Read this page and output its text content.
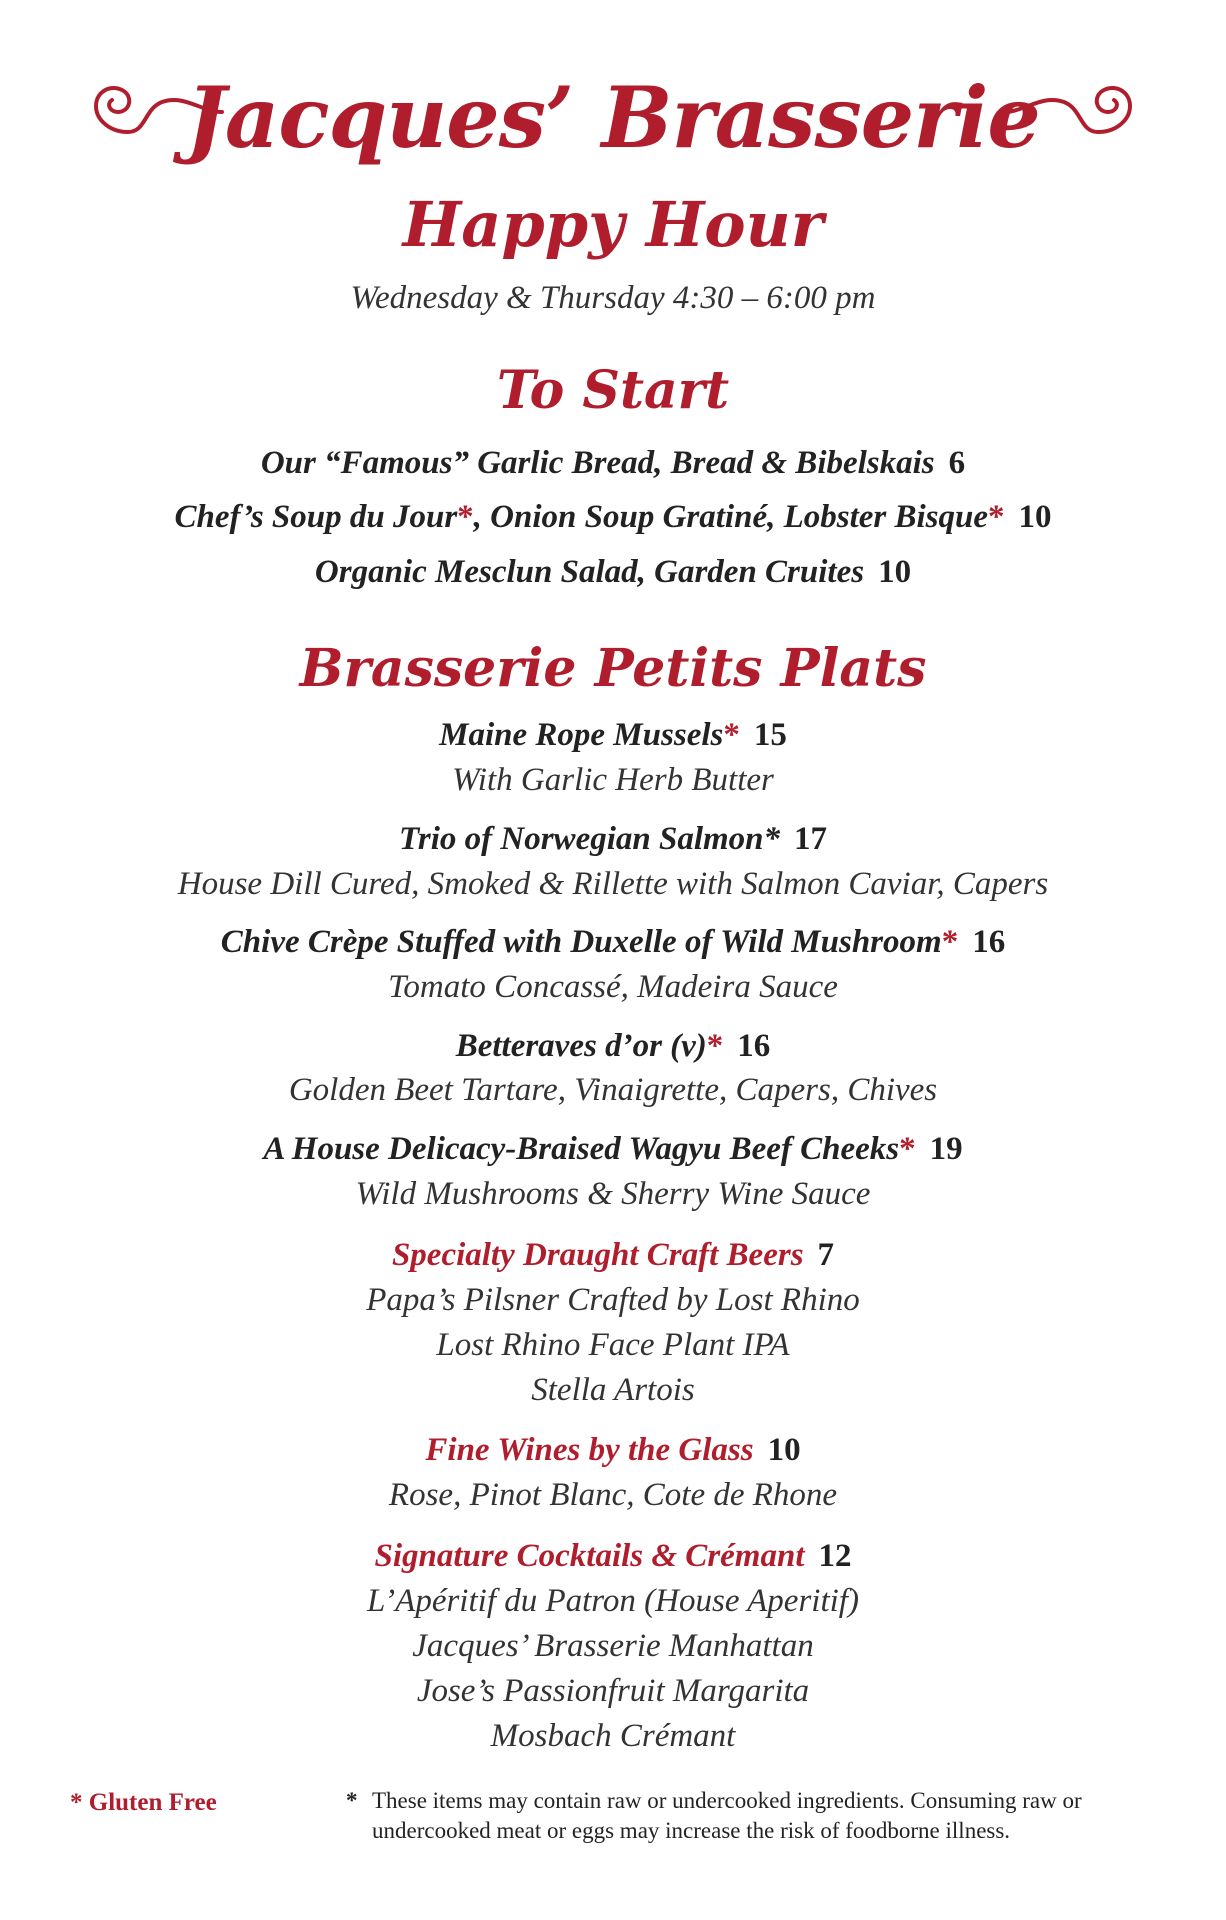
Jacques’ Brasserie
Happy Hour
Wednesday & Thursday 4:30 – 6:00 pm
To Start
Our “Famous” Garlic Bread, Bread & Bibelskais 6
Chef’s Soup du Jour*, Onion Soup Gratiné, Lobster Bisque* 10
Organic Mesclun Salad, Garden Cruites 10
Brasserie Petits Plats
Maine Rope Mussels* 15
With Garlic Herb Butter
Trio of Norwegian Salmon* 17
House Dill Cured, Smoked & Rillette with Salmon Caviar, Capers
Chive Crèpe Stuffed with Duxelle of Wild Mushroom* 16
Tomato Concassé, Madeira Sauce
Betteraves d’or (v)* 16
Golden Beet Tartare, Vinaigrette, Capers, Chives
A House Delicacy-Braised Wagyu Beef Cheeks* 19
Wild Mushrooms & Sherry Wine Sauce
Specialty Draught Craft Beers 7
Papa’s Pilsner Crafted by Lost Rhino
Lost Rhino Face Plant IPA
Stella Artois
Fine Wines by the Glass 10
Rose, Pinot Blanc, Cote de Rhone
Signature Cocktails & Crémant 12
L’Apéritif du Patron (House Aperitif)
Jacques’ Brasserie Manhattan
Jose’s Passionfruit Margarita
Mosbach Crémant
* Gluten Free	* These items may contain raw or undercooked ingredients. Consuming raw or undercooked meat or eggs may increase the risk of foodborne illness.
